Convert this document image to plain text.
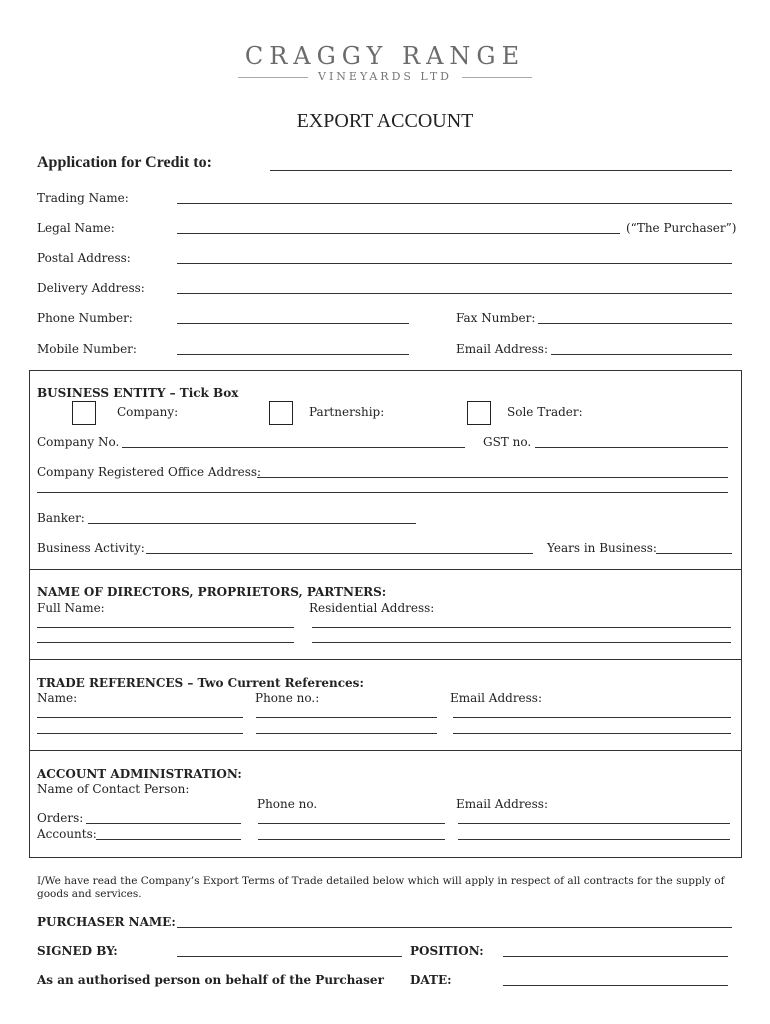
CRAGGY RANGE
VINEYARDS LTD
EXPORT ACCOUNT
Application for Credit to:
Trading Name:
Legal Name:	(“The Purchaser”)
Postal Address:
Delivery Address:
Phone Number:	Fax Number:
Mobile Number:	Email Address:
BUSINESS ENTITY – Tick Box
Company:	Partnership:	Sole Trader:
Company No.	GST no.
Company Registered Office Address:
Banker:
Business Activity:	Years in Business:
NAME OF DIRECTORS, PROPRIETORS, PARTNERS:
Full Name:	Residential Address:
TRADE REFERENCES – Two Current References:
Name:	Phone no.:	Email Address:
ACCOUNT ADMINISTRATION:
Name of Contact Person:
Phone no.	Email Address:
Orders:
Accounts:
I/We have read the Company’s Export Terms of Trade detailed below which will apply in respect of all contracts for the supply of goods and services.
PURCHASER NAME:
SIGNED BY:	POSITION:
As an authorised person on behalf of the Purchaser DATE:
